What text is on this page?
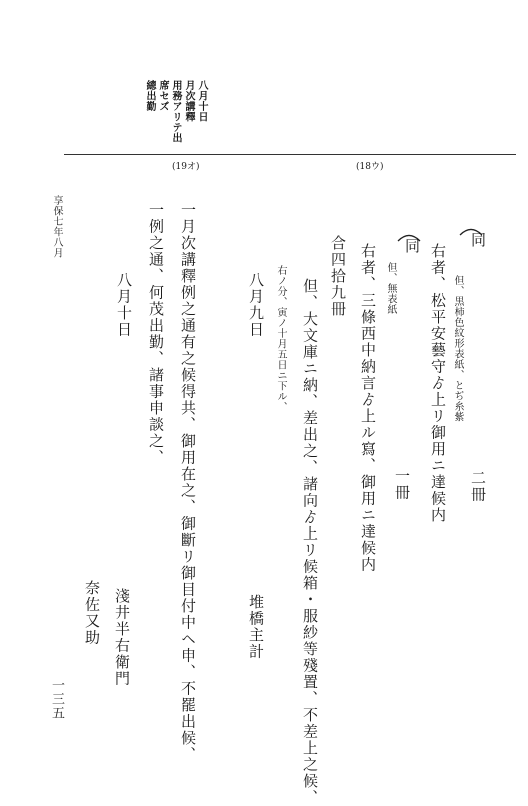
八月十日
月次講釋
用務アリテ出
席セズ
總出勤
(19オ)	(18ウ)
同
二冊
但、黒柿色紋形表紙、とぢ糸紫
右者、松平安藝守ゟ上リ御用ニ達候内
同
一冊
但、無表紙
右者、三條西中納言ゟ上ル寫、御用ニ達候内
合四拾九冊
但、大文庫ニ納、差出之、諸向ゟ上リ候箱・服紗等殘置、不差上之候、
右ノ分、寅ノ十月五日ニ下ル、
八月九日
堆橋主計
享保七年八月	一月次講釋例之通有之候得共、御用在之、御斷リ御目付中ヘ申、不罷出候、
一例之通、何茂出勤、諸事申談之、
八月十日
淺井半右衛門
奈佐又助
一三五
